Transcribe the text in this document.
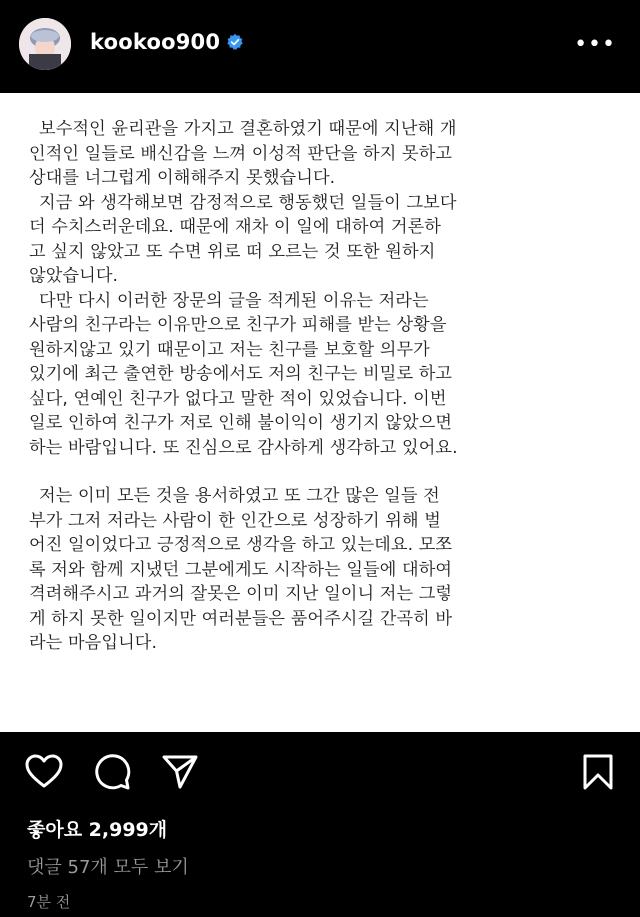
kookoo900	•••

보수적인 윤리관을 가지고 결혼하였기 때문에 지난해 개
인적인 일들로 배신감을 느껴 이성적 판단을 하지 못하고
상대를 너그럽게 이해해주지 못했습니다.

지금 와 생각해보면 감정적으로 행동했던 일들이 그보다
더 수치스러운데요. 때문에 재차 이 일에 대하여 거론하
고 싶지 않았고 또 수면 위로 떠 오르는 것 또한 원하지
않았습니다.

다만 다시 이러한 장문의 글을 적게된 이유는 저라는
사람의 친구라는 이유만으로 친구가 피해를 받는 상황을
원하지않고 있기 때문이고 저는 친구를 보호할 의무가
있기에 최근 출연한 방송에서도 저의 친구는 비밀로 하고
싶다, 연예인 친구가 없다고 말한 적이 있었습니다. 이번
일로 인하여 친구가 저로 인해 불이익이 생기지 않았으면
하는 바람입니다. 또 진심으로 감사하게 생각하고 있어요.

저는 이미 모든 것을 용서하였고 또 그간 많은 일들 전
부가 그저 저라는 사람이 한 인간으로 성장하기 위해 벌
어진 일이었다고 긍정적으로 생각을 하고 있는데요. 모쪼
록 저와 함께 지냈던 그분에게도 시작하는 일들에 대하여
격려해주시고 과거의 잘못은 이미 지난 일이니 저는 그렇
게 하지 못한 일이지만 여러분들은 품어주시길 간곡히 바
라는 마음입니다.

좋아요 2,999개
댓글 57개 모두 보기
7분 전
